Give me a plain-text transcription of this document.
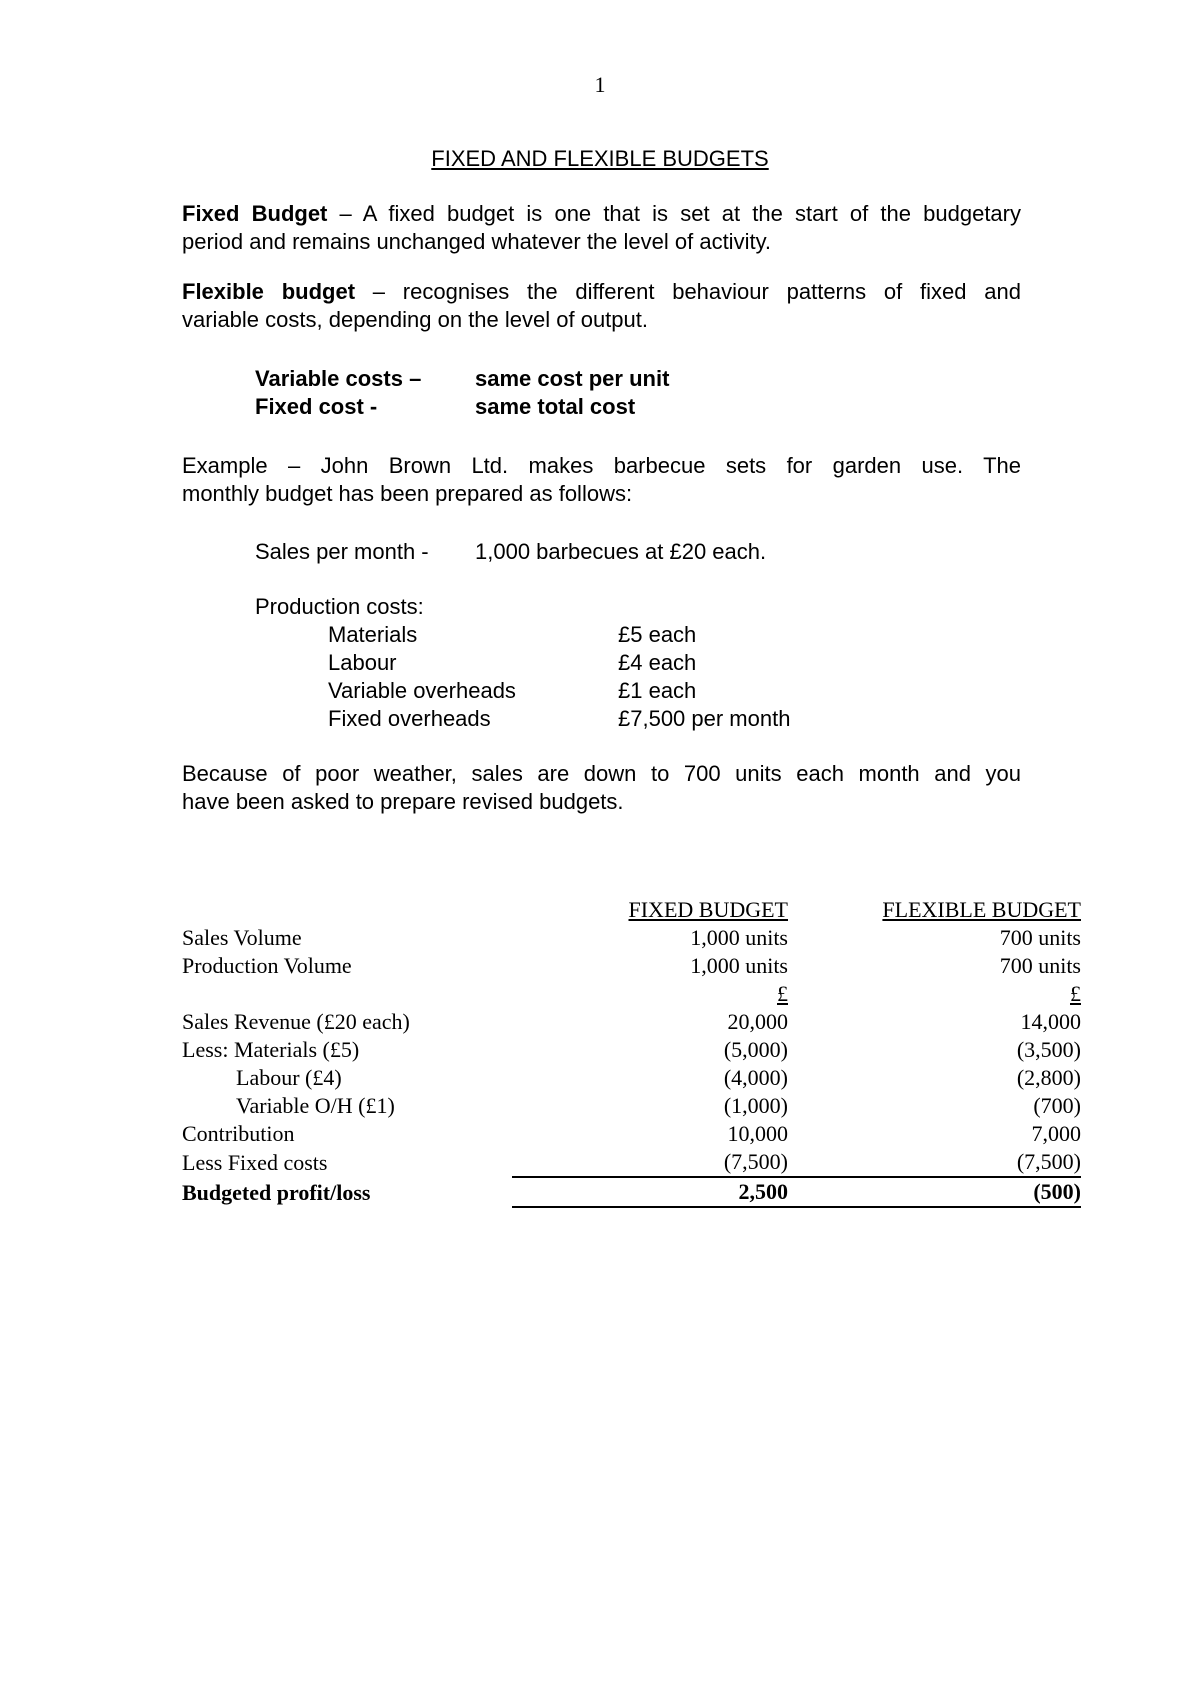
1
FIXED AND FLEXIBLE BUDGETS
Fixed Budget – A fixed budget is one that is set at the start of the budgetary
period and remains unchanged whatever the level of activity.
Flexible budget – recognises the different behaviour patterns of fixed and
variable costs, depending on the level of output.
Variable costs – same cost per unit
Fixed cost -	same total cost
Example – John Brown Ltd. makes barbecue sets for garden use. The
monthly budget has been prepared as follows:
Sales per month - 1,000 barbecues at £20 each.
Production costs:
Materials	£5 each
Labour	£4 each
Variable overheads	£1 each
Fixed overheads	£7,500 per month
Because of poor weather, sales are down to 700 units each month and you
have been asked to prepare revised budgets.
	FIXED BUDGET	FLEXIBLE BUDGET
Sales Volume	1,000 units	700 units
Production Volume	1,000 units	700 units
	£	£
Sales Revenue (£20 each)	20,000	14,000
Less: Materials (£5)	(5,000)	(3,500)
Labour (£4)	(4,000)	(2,800)
Variable O/H (£1)	(1,000)	(700)
Contribution	10,000	7,000
Less Fixed costs	(7,500)	(7,500)
Budgeted profit/loss	2,500	(500)
